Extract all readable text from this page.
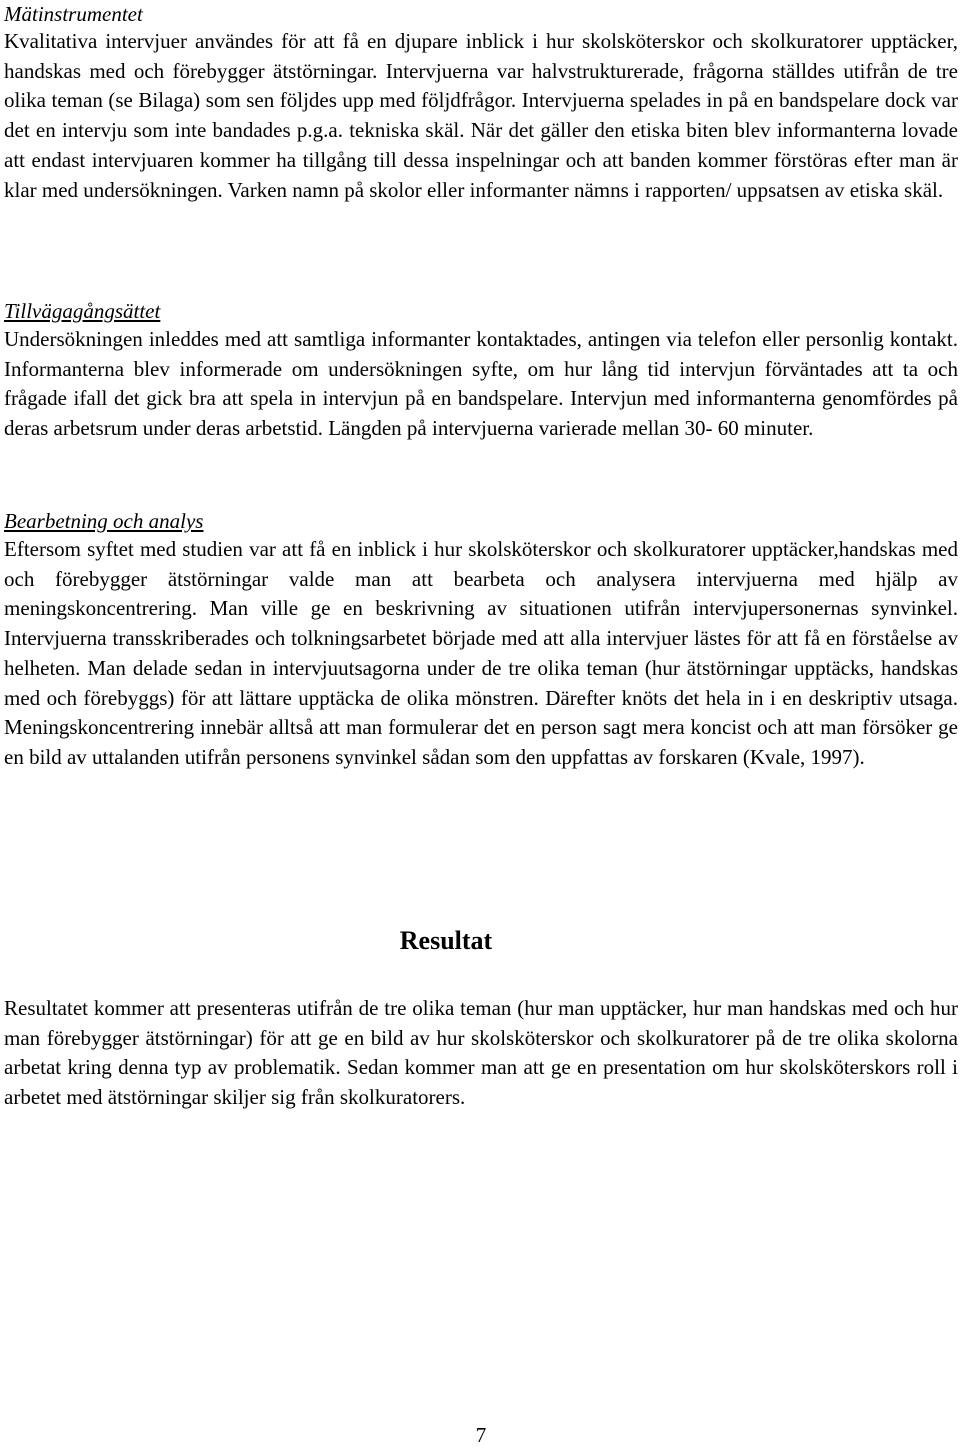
Mätinstrumentet

Kvalitativa intervjuer användes för att få en djupare inblick i hur skolsköterskor och skolkuratorer upptäcker, handskas med och förebygger ätstörningar. Intervjuerna var halvstrukturerade, frågorna ställdes utifrån de tre olika teman (se Bilaga) som sen följdes upp med följdfrågor. Intervjuerna spelades in på en bandspelare dock var det en intervju som inte bandades p.g.a. tekniska skäl. När det gäller den etiska biten blev informanterna lovade att endast intervjuaren kommer ha tillgång till dessa inspelningar och att banden kommer förstöras efter man är klar med undersökningen. Varken namn på skolor eller informanter nämns i rapporten/ uppsatsen av etiska skäl.

Tillvägagångsättet

Undersökningen inleddes med att samtliga informanter kontaktades, antingen via telefon eller personlig kontakt. Informanterna blev informerade om undersökningen syfte, om hur lång tid intervjun förväntades att ta och frågade ifall det gick bra att spela in intervjun på en bandspelare. Intervjun med informanterna genomfördes på deras arbetsrum under deras arbetstid. Längden på intervjuerna varierade mellan 30- 60 minuter.

Bearbetning och analys

Eftersom syftet med studien var att få en inblick i hur skolsköterskor och skolkuratorer upptäcker,handskas med och förebygger ätstörningar valde man att bearbeta och analysera intervjuerna med hjälp av meningskoncentrering. Man ville ge en beskrivning av situationen utifrån intervjupersonernas synvinkel. Intervjuerna transskriberades och tolkningsarbetet började med att alla intervjuer lästes för att få en förståelse av helheten. Man delade sedan in intervjuutsagorna under de tre olika teman (hur ätstörningar upptäcks, handskas med och förebyggs) för att lättare upptäcka de olika mönstren. Därefter knöts det hela in i en deskriptiv utsaga. Meningskoncentrering innebär alltså att man formulerar det en person sagt mera koncist och att man försöker ge en bild av uttalanden utifrån personens synvinkel sådan som den uppfattas av forskaren (Kvale, 1997).

Resultat

Resultatet kommer att presenteras utifrån de tre olika teman (hur man upptäcker, hur man handskas med och hur man förebygger ätstörningar) för att ge en bild av hur skolsköterskor och skolkuratorer på de tre olika skolorna arbetat kring denna typ av problematik. Sedan kommer man att ge en presentation om hur skolsköterskors roll i arbetet med ätstörningar skiljer sig från skolkuratorers.

7
